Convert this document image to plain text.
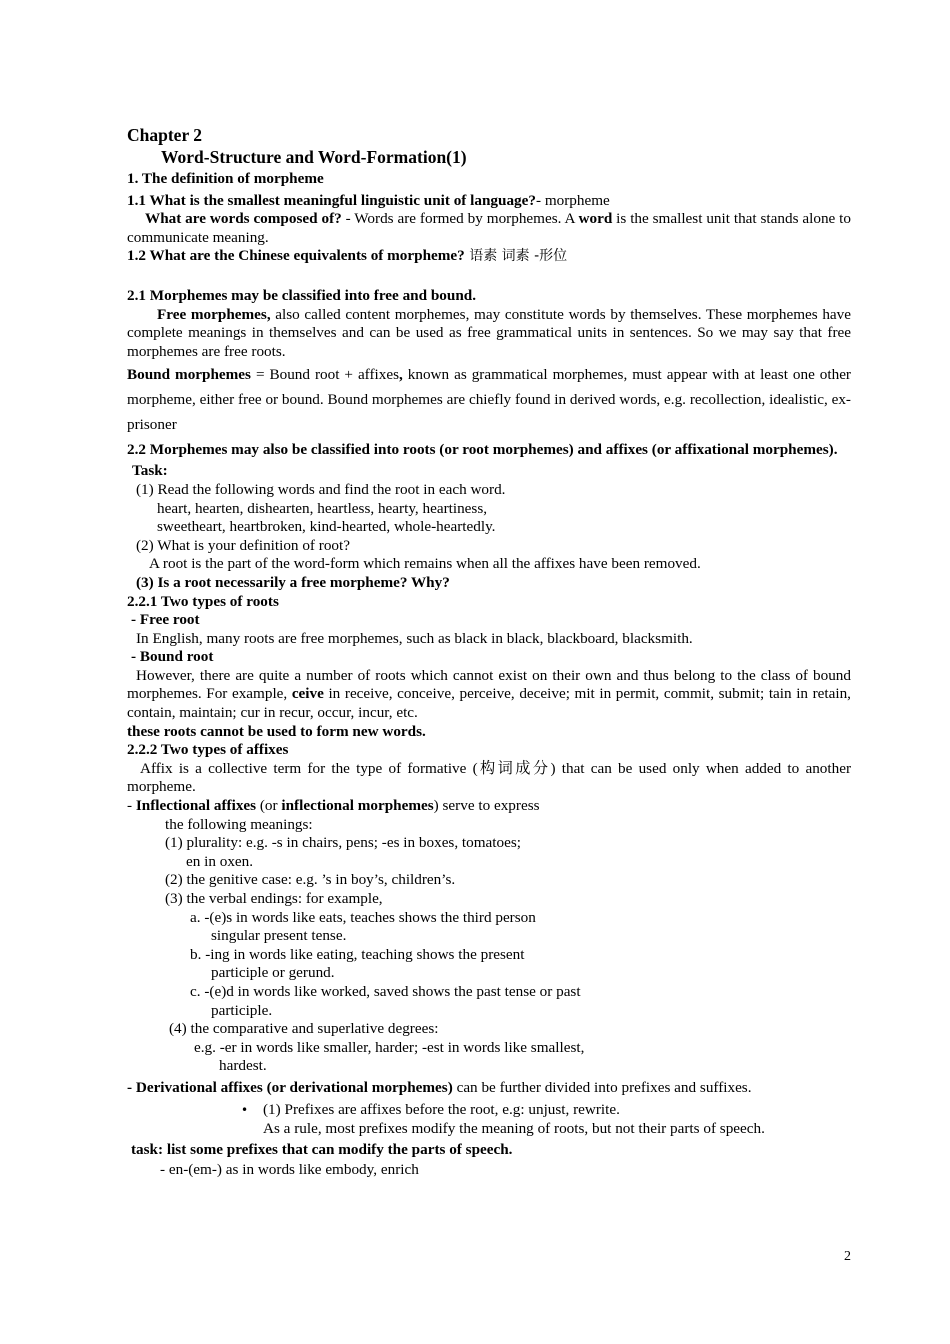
Chapter 2
Word-Structure and Word-Formation(1)
1. The definition of morpheme
1.1 What is the smallest meaningful linguistic unit of language?- morpheme

What are words composed of? - Words are formed by morphemes. A word is the smallest unit that stands alone to communicate meaning.

1.2 What are the Chinese equivalents of morpheme? 语素 词素 -形位
2.1 Morphemes may be classified into free and bound.

Free morphemes, also called content morphemes, may constitute words by themselves. These morphemes have complete meanings in themselves and can be used as free grammatical units in sentences. So we may say that free morphemes are free roots.

Bound morphemes = Bound root + affixes, known as grammatical morphemes, must appear with at least one other morpheme, either free or bound. Bound morphemes are chiefly found in derived words, e.g. recollection, idealistic, ex-prisoner

2.2 Morphemes may also be classified into roots (or root morphemes) and affixes (or affixational morphemes).

Task:
(1) Read the following words and find the root in each word.
heart, hearten, dishearten, heartless, hearty, heartiness,
sweetheart, heartbroken, kind-hearted, whole-heartedly.
(2) What is your definition of root?
A root is the part of the word-form which remains when all the affixes have been removed.
(3) Is a root necessarily a free morpheme? Why?
2.2.1 Two types of roots
- Free root
In English, many roots are free morphemes, such as black in black, blackboard, blacksmith.
- Bound root

However, there are quite a number of roots which cannot exist on their own and thus belong to the class of bound morphemes. For example, ceive in receive, conceive, perceive, deceive; mit in permit, commit, submit; tain in retain, contain, maintain; cur in recur, occur, incur, etc.

these roots cannot be used to form new words.
2.2.2 Two types of affixes

Affix is a collective term for the type of formative (构词成分) that can be used only when added to another morpheme.

- Inflectional affixes (or inflectional morphemes) serve to express
the following meanings:
(1) plurality: e.g. -s in chairs, pens; -es in boxes, tomatoes;
en in oxen.
(2) the genitive case: e.g. ’s in boy’s, children’s.
(3) the verbal endings: for example,
a. -(e)s in words like eats, teaches shows the third person
singular present tense.
b. -ing in words like eating, teaching shows the present
participle or gerund.
c. -(e)d in words like worked, saved shows the past tense or past
participle.
(4) the comparative and superlative degrees:
e.g. -er in words like smaller, harder; -est in words like smallest,
hardest.
- Derivational affixes (or derivational morphemes) can be further divided into prefixes and suffixes.
• (1) Prefixes are affixes before the root, e.g: unjust, rewrite.
As a rule, most prefixes modify the meaning of roots, but not their parts of speech.
task: list some prefixes that can modify the parts of speech.
- en-(em-) as in words like embody, enrich
2
